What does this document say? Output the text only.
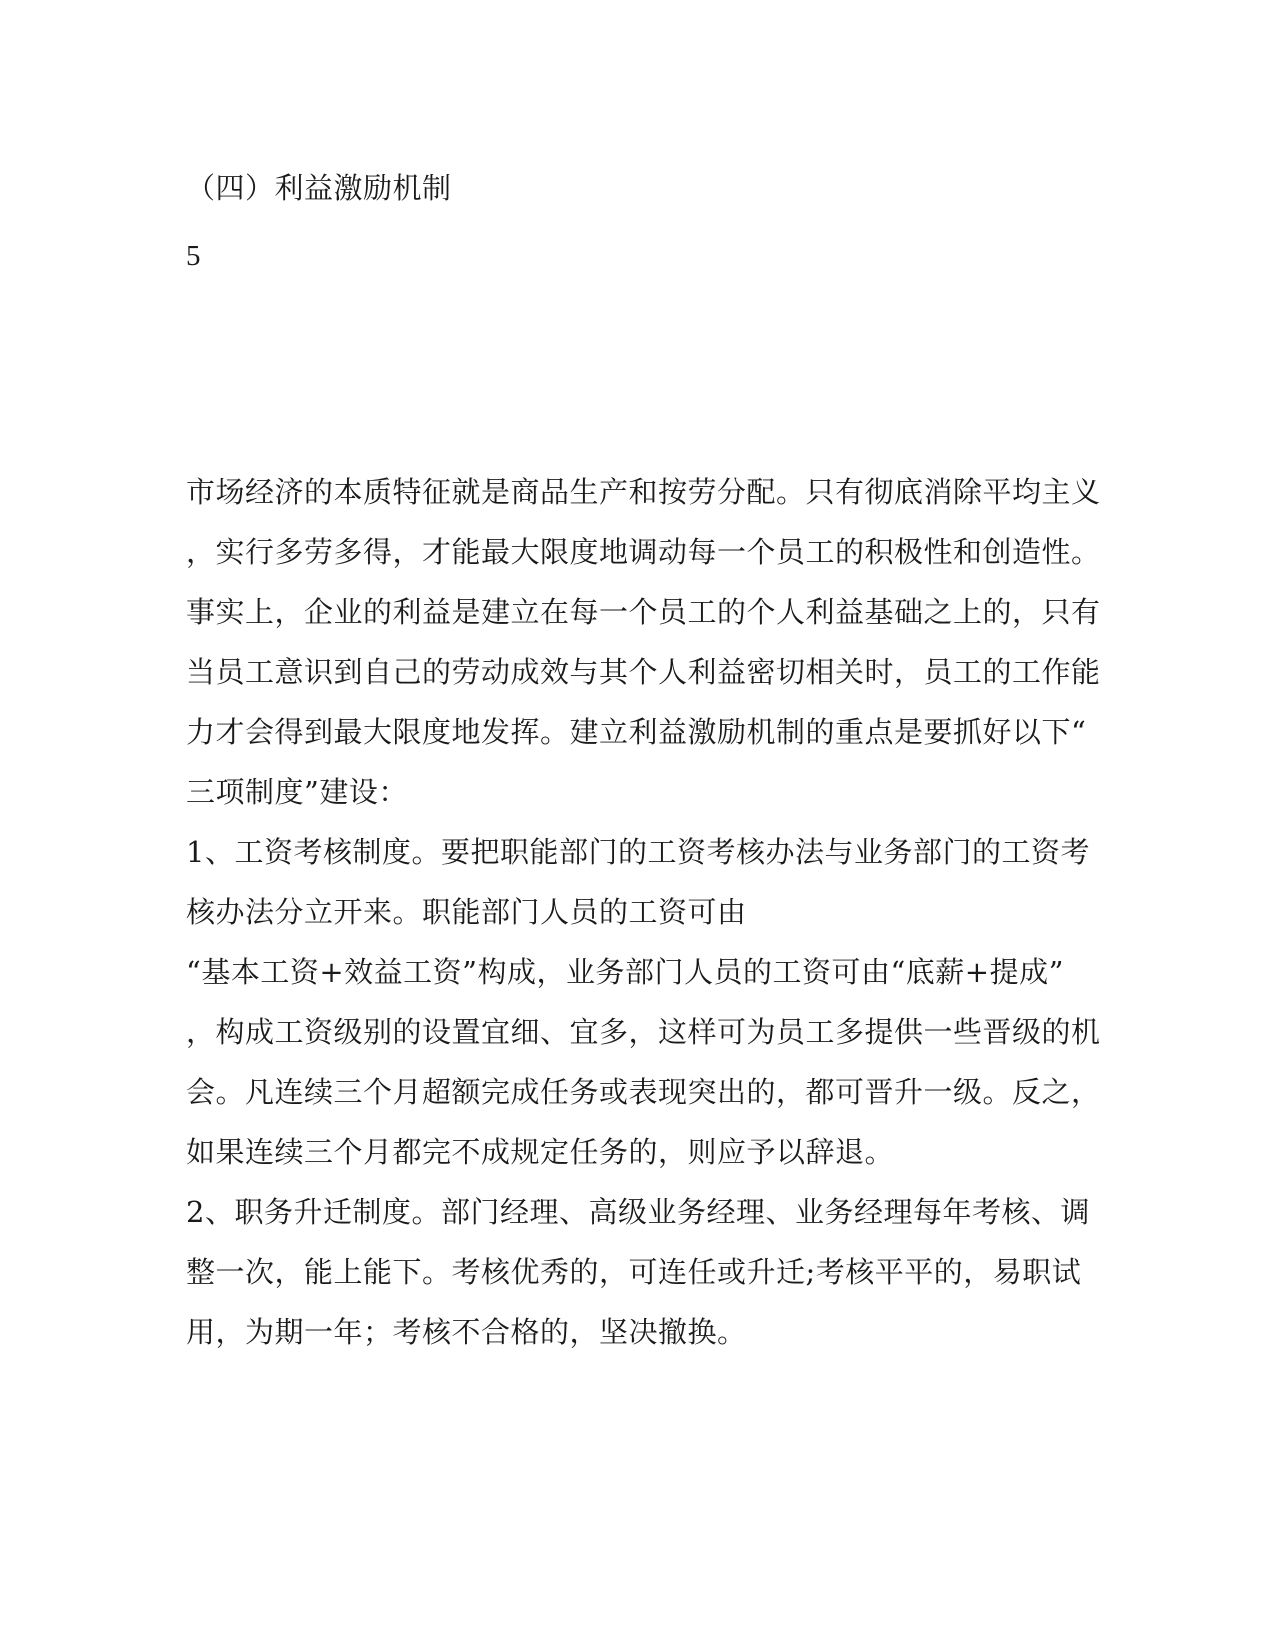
（四）利益激励机制
5
市场经济的本质特征就是商品生产和按劳分配。只有彻底消除平均主义
，实行多劳多得，才能最大限度地调动每一个员工的积极性和创造性。
事实上，企业的利益是建立在每一个员工的个人利益基础之上的，只有
当员工意识到自己的劳动成效与其个人利益密切相关时，员工的工作能
力才会得到最大限度地发挥。建立利益激励机制的重点是要抓好以下“
三项制度”建设：
1、工资考核制度。要把职能部门的工资考核办法与业务部门的工资考
核办法分立开来。职能部门人员的工资可由
“基本工资+效益工资”构成，业务部门人员的工资可由“底薪+提成”
，构成工资级别的设置宜细、宜多，这样可为员工多提供一些晋级的机
会。凡连续三个月超额完成任务或表现突出的，都可晋升一级。反之，
如果连续三个月都完不成规定任务的，则应予以辞退。
2、职务升迁制度。部门经理、高级业务经理、业务经理每年考核、调
整一次，能上能下。考核优秀的，可连任或升迁;考核平平的，易职试
用，为期一年；考核不合格的，坚决撤换。
